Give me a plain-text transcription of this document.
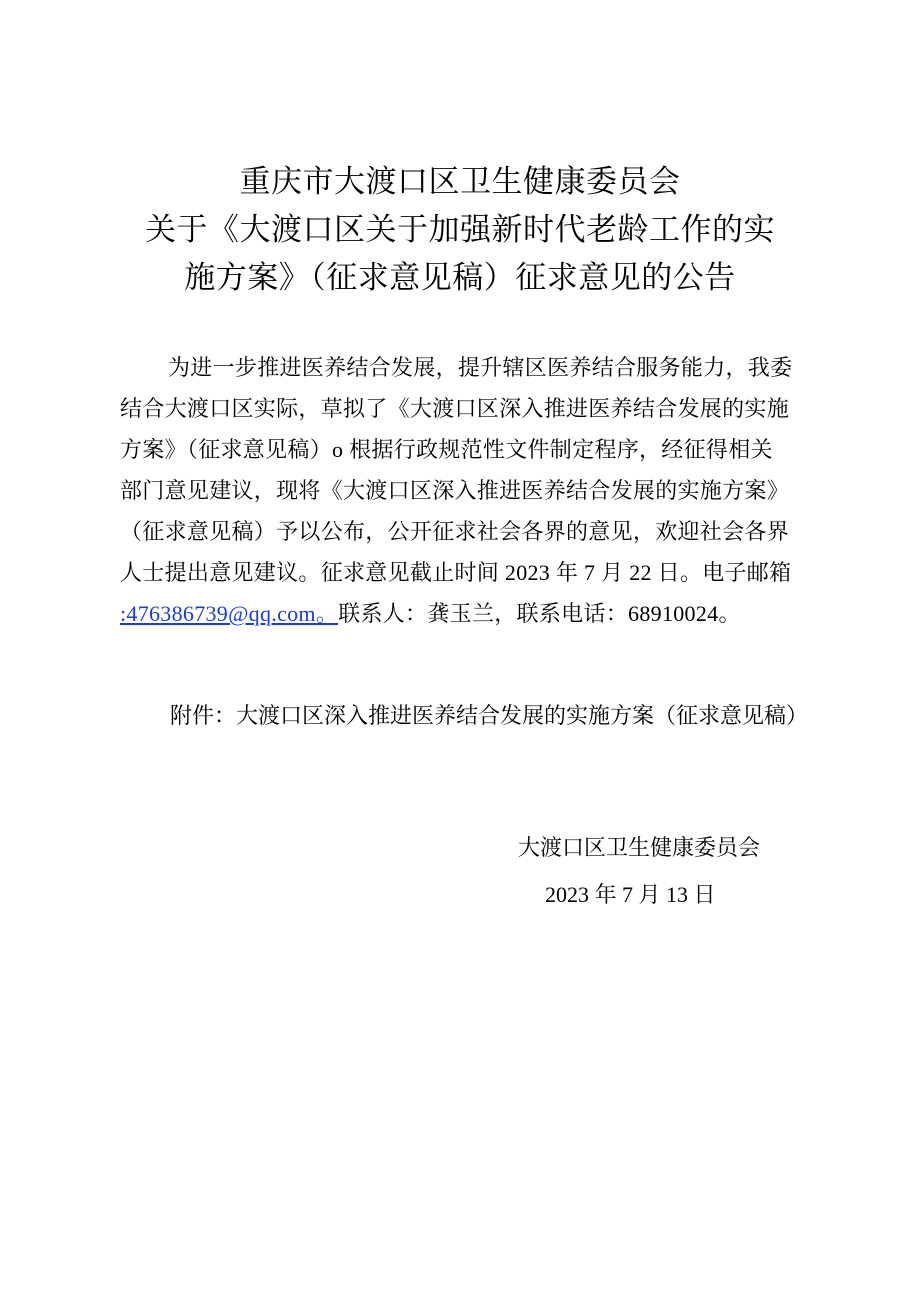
重庆市大渡口区卫生健康委员会
关于《大渡口区关于加强新时代老龄工作的实
施方案》（征求意见稿）征求意见的公告
为进一步推进医养结合发展，提升辖区医养结合服务能力，我委
结合大渡口区实际，草拟了《大渡口区深入推进医养结合发展的实施
方案》（征求意见稿）o 根据行政规范性文件制定程序，经征得相关
部门意见建议，现将《大渡口区深入推进医养结合发展的实施方案》
（征求意见稿）予以公布，公开征求社会各界的意见，欢迎社会各界
人士提出意见建议。征求意见截止时间 2023 年 7 月 22 日。电子邮箱
:476386739@qq.com。联系人：龚玉兰，联系电话：68910024。
附件：大渡口区深入推进医养结合发展的实施方案（征求意见稿）
大渡口区卫生健康委员会
2023 年 7 月 13 日
